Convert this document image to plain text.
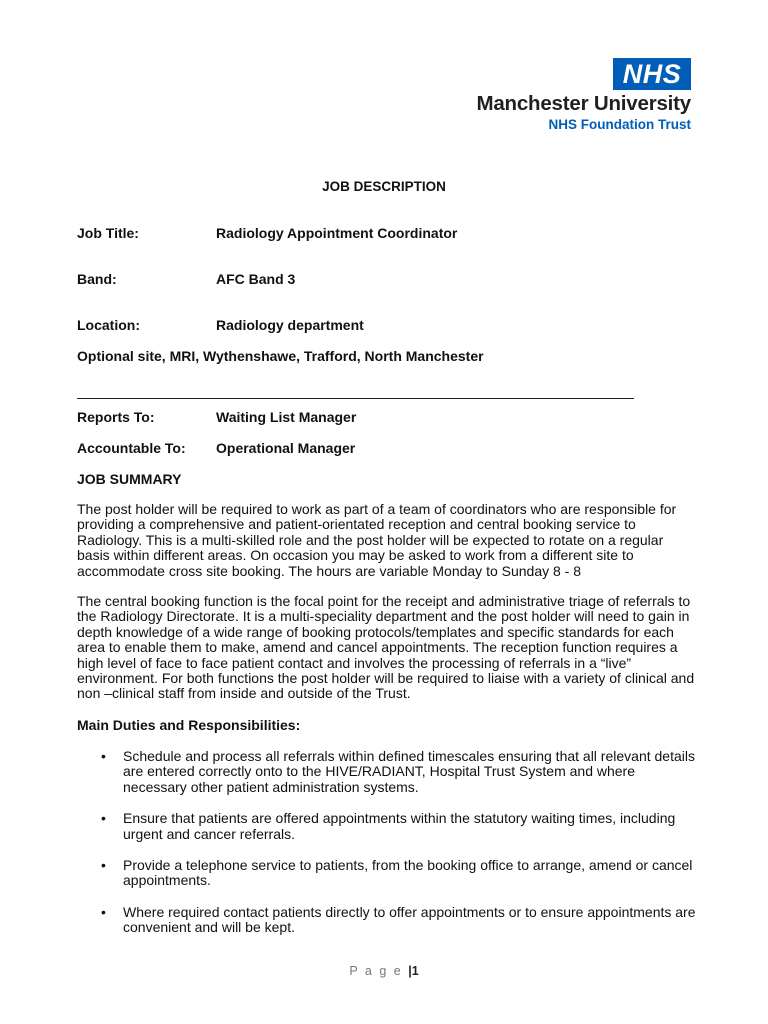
NHS
Manchester University
NHS Foundation Trust
JOB DESCRIPTION
Job Title:	Radiology Appointment Coordinator
Band:	AFC Band 3
Location:	Radiology department
Optional site, MRI, Wythenshawe, Trafford, North Manchester
Reports To:	Waiting List Manager
Accountable To: Operational Manager
JOB SUMMARY

The post holder will be required to work as part of a team of coordinators who are responsible for providing a comprehensive and patient-orientated reception and central booking service to Radiology. This is a multi-skilled role and the post holder will be expected to rotate on a regular basis within different areas. On occasion you may be asked to work from a different site to accommodate cross site booking. The hours are variable Monday to Sunday 8 - 8

The central booking function is the focal point for the receipt and administrative triage of referrals to the Radiology Directorate. It is a multi-speciality department and the post holder will need to gain in depth knowledge of a wide range of booking protocols/templates and specific standards for each area to enable them to make, amend and cancel appointments. The reception function requires a high level of face to face patient contact and involves the processing of referrals in a “live” environment. For both functions the post holder will be required to liaise with a variety of clinical and non –clinical staff from inside and outside of the Trust.

Main Duties and Responsibilities:
• Schedule and process all referrals within defined timescales ensuring that all relevant details are entered correctly onto to the HIVE/RADIANT, Hospital Trust System and where necessary other patient administration systems.
• Ensure that patients are offered appointments within the statutory waiting times, including urgent and cancer referrals.
• Provide a telephone service to patients, from the booking office to arrange, amend or cancel appointments.
• Where required contact patients directly to offer appointments or to ensure appointments are convenient and will be kept.
P a g e |1
